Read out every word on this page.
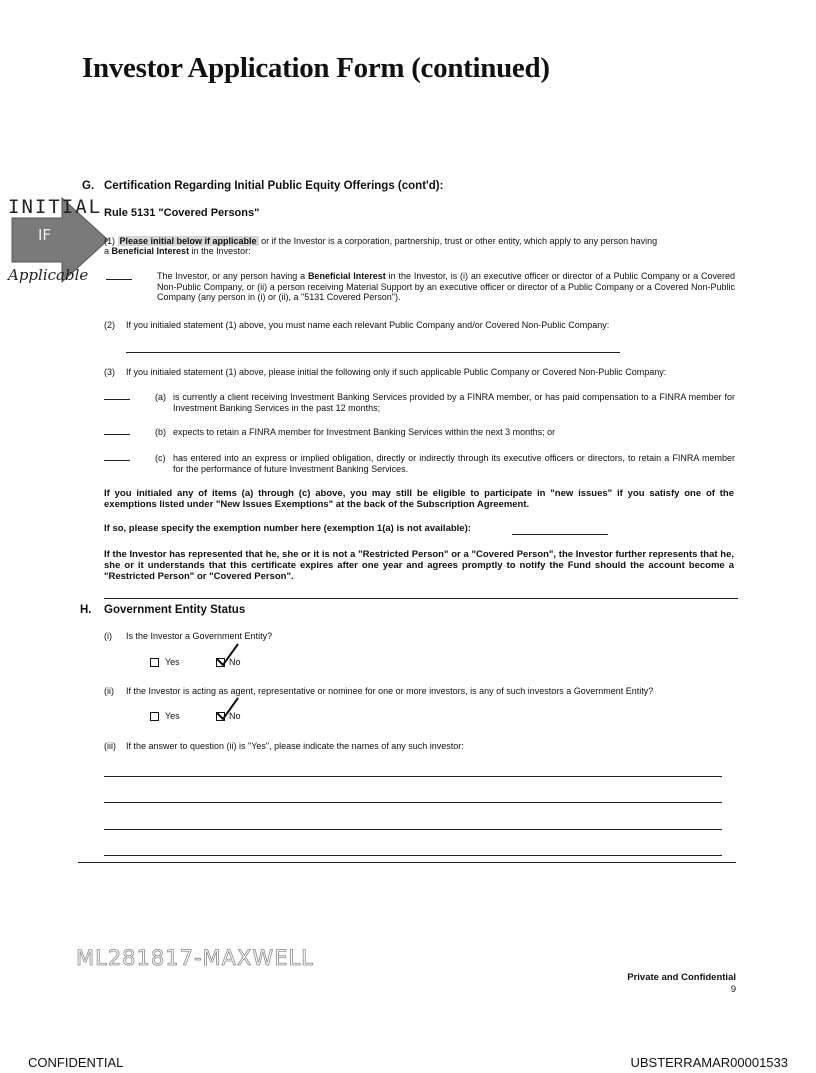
Investor Application Form (continued)
INITIAL
IF
Applicable
G. Certification Regarding Initial Public Equity Offerings (cont'd):
Rule 5131 "Covered Persons"
(1) Please initial below if applicable or if the Investor is a corporation, partnership, trust or other entity, which apply to any person having
a Beneficial Interest in the Investor:
The Investor, or any person having a Beneficial Interest in the Investor, is (i) an executive officer or director of a Public Company or a Covered Non-Public Company, or (ii) a person receiving Material Support by an executive officer or director of a Public Company or a Covered Non-Public Company (any person in (i) or (ii), a "5131 Covered Person").
(2) If you initialed statement (1) above, you must name each relevant Public Company and/or Covered Non-Public Company:
(3) If you initialed statement (1) above, please initial the following only if such applicable Public Company or Covered Non-Public Company:
(a) is currently a client receiving Investment Banking Services provided by a FINRA member, or has paid compensation to a FINRA member for Investment Banking Services in the past 12 months;
(b) expects to retain a FINRA member for Investment Banking Services within the next 3 months; or
(c) has entered into an express or implied obligation, directly or indirectly through its executive officers or directors, to retain a FINRA member for the performance of future Investment Banking Services.
If you initialed any of items (a) through (c) above, you may still be eligible to participate in "new issues" if you satisfy one of the exemptions listed under "New Issues Exemptions" at the back of the Subscription Agreement.
If so, please specify the exemption number here (exemption 1(a) is not available):
If the Investor has represented that he, she or it is not a "Restricted Person" or a "Covered Person", the Investor further represents that he, she or it understands that this certificate expires after one year and agrees promptly to notify the Fund should the account become a "Restricted Person" or "Covered Person".
H. Government Entity Status
(i) Is the Investor a Government Entity?
Yes	No
(ii) If the Investor is acting as agent, representative or nominee for one or more investors, is any of such investors a Government Entity?
Yes	No
(iii) If the answer to question (ii) is "Yes", please indicate the names of any such investor:
ML281817-MAXWELL
Private and Confidential
9
CONFIDENTIAL	UBSTERRAMAR00001533
